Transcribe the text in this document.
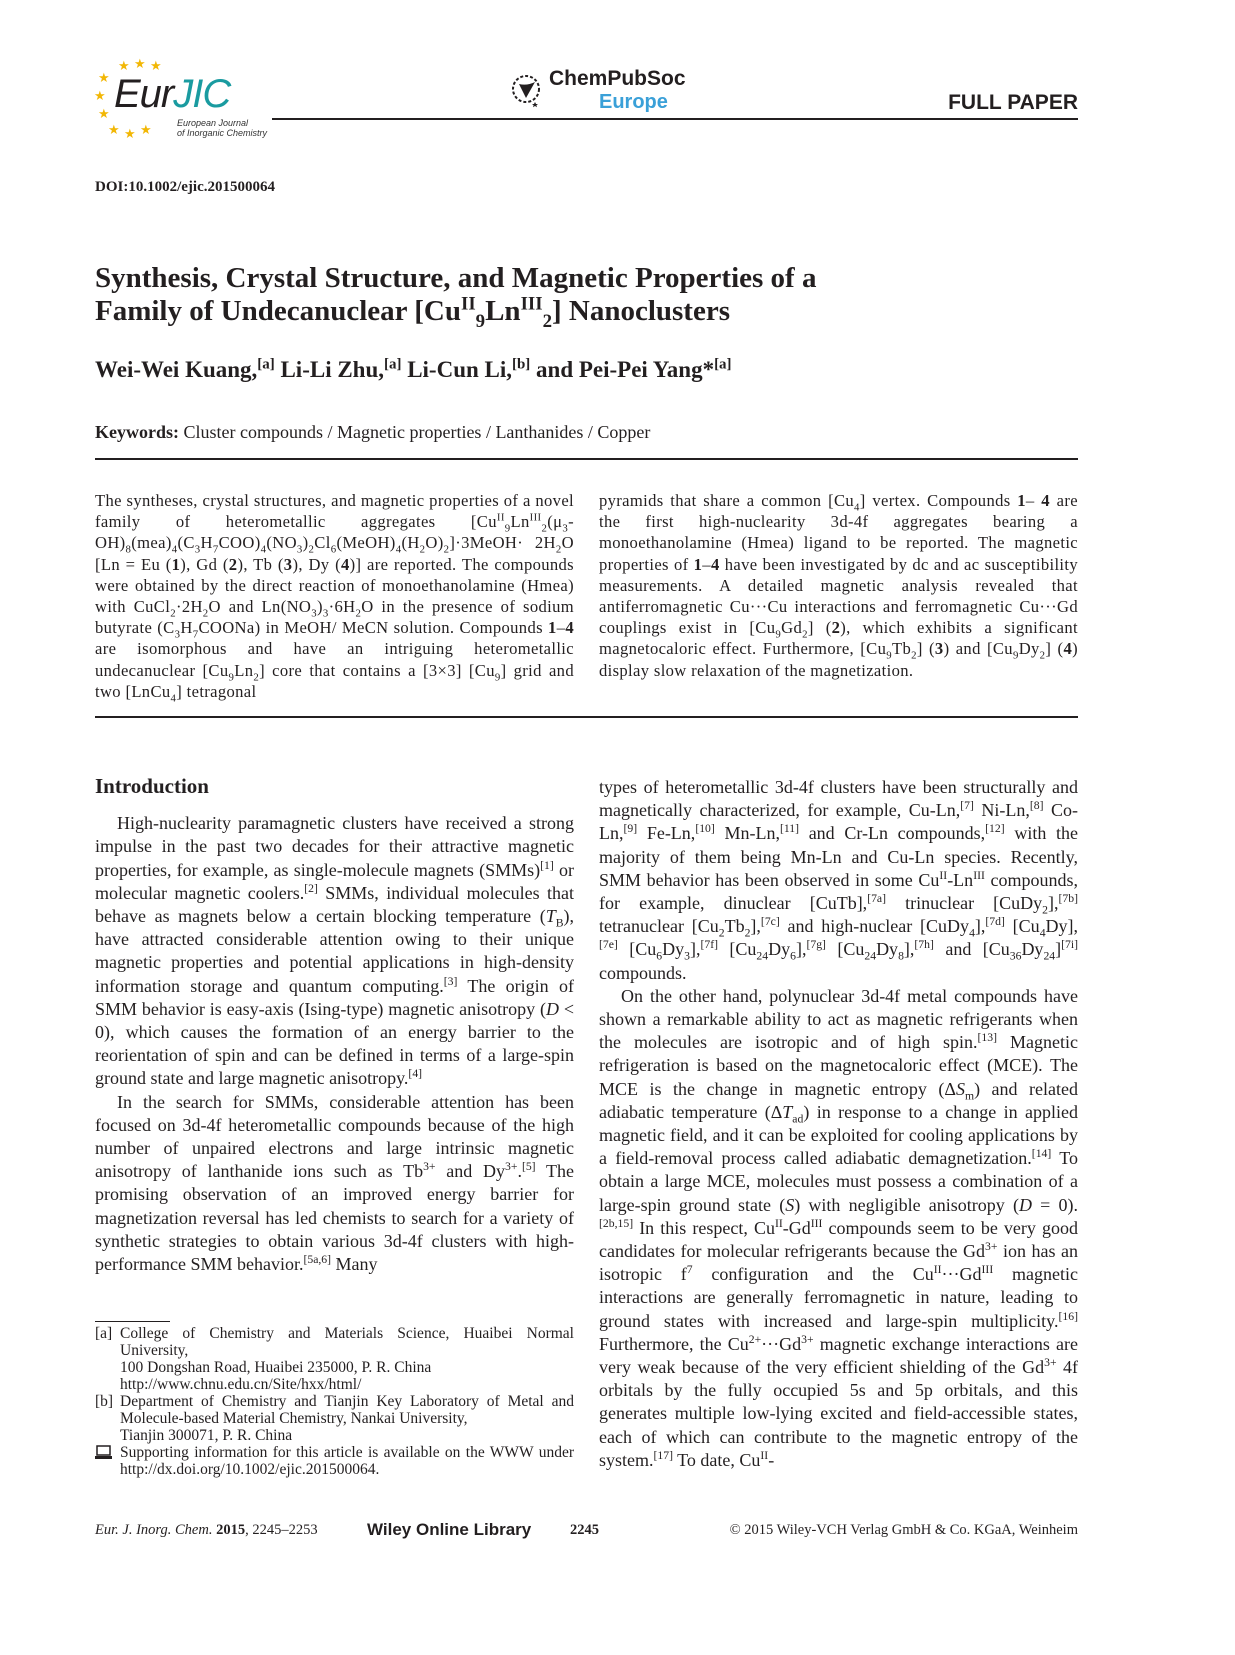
★ ★ ★
★
★
★
★ ★ ★
EurJIC
European Journal
of Inorganic Chemistry
ChemPubSoc
Europe	FULL PAPER
DOI:10.1002/ejic.201500064
Synthesis, Crystal Structure, and Magnetic Properties of a
Family of Undecanuclear $[Cu^{II}_9Ln^{III}_2]$ Nanoclusters
Wei-Wei Kuang,[a] Li-Li Zhu,[a] Li-Cun Li,[b] and Pei-Pei Yang*[a]
Keywords: Cluster compounds / Magnetic properties / Lanthanides / Copper
The syntheses, crystal structures, and magnetic properties of a novel family of heterometallic aggregates $[Cu^{II}_9Ln^{III}_2(\mu_3-OH)_8(mea)_4(C_3H_7COO)_4(NO_3)_2Cl_6(MeOH)_4(H_2O)_2]\cdot 3MeOH\cdot 2H_2O$ [Ln = Eu (1), Gd (2), Tb (3), Dy (4)] are reported. The compounds were obtained by the direct reaction of monoethanolamine (Hmea) with $CuCl_2\cdot 2H_2O$ and $Ln(NO_3)_3\cdot 6H_2O$ in the presence of sodium butyrate $(C_3H_7COONa)$ in MeOH/ MeCN solution. Compounds 1–4 are isomorphous and have an intriguing heterometallic undecanuclear $[Cu_9Ln_2]$ core that contains a [3×3] $[Cu_9]$ grid and two [LnCu$_4$] tetragonal
pyramids that share a common $[Cu_4]$ vertex. Compounds 1– 4 are the first high-nuclearity 3d-4f aggregates bearing a monoethanolamine (Hmea) ligand to be reported. The magnetic properties of 1–4 have been investigated by dc and ac susceptibility measurements. A detailed magnetic analysis revealed that antiferromagnetic Cu···Cu interactions and ferromagnetic Cu···Gd couplings exist in $[Cu_9Gd_2]$ (2), which exhibits a significant magnetocaloric effect. Furthermore, $[Cu_9Tb_2]$ (3) and $[Cu_9Dy_2]$ (4) display slow relaxation of the magnetization.
Introduction

High-nuclearity paramagnetic clusters have received a strong impulse in the past two decades for their attractive magnetic properties, for example, as single-molecule magnets (SMMs)[1] or molecular magnetic coolers.[2] SMMs, individual molecules that behave as magnets below a certain blocking temperature $(T_B)$, have attracted considerable attention owing to their unique magnetic properties and potential applications in high-density information storage and quantum computing.[3] The origin of SMM behavior is easy-axis (Ising-type) magnetic anisotropy (D < 0), which causes the formation of an energy barrier to the reorientation of spin and can be defined in terms of a large-spin ground state and large magnetic anisotropy.[4]

In the search for SMMs, considerable attention has been focused on 3d-4f heterometallic compounds because of the high number of unpaired electrons and large intrinsic magnetic anisotropy of lanthanide ions such as $Tb^{3+}$ and $Dy^{3+}.[5]$ The promising observation of an improved energy barrier for magnetization reversal has led chemists to search for a variety of synthetic strategies to obtain various 3d-4f clusters with high-performance SMM behavior.[5a,6] Many

types of heterometallic 3d-4f clusters have been structurally and magnetically characterized, for example, Cu-Ln,[7] Ni-Ln,[8] Co-Ln,[9] Fe-Ln,[10] Mn-Ln,[11] and Cr-Ln compounds,[12] with the majority of them being Mn-Ln and Cu-Ln species. Recently, SMM behavior has been observed in some $Cu^{II}-Ln^{III}$ compounds, for example, dinuclear [CuTb],[7a] trinuclear [CuDy$_2$],[7b] tetranuclear $[Cu_2Tb_2],[7c]$ and high-nuclear [CuDy$_4$],[7d] $[Cu_4Dy],[7e]$ $[Cu_6Dy_3],[7f]$ $[Cu_{24}Dy_6],[7g]$ $[Cu_{24}Dy_8],[7h]$ and $[Cu_{36}Dy_{24}][7i]$ compounds.

On the other hand, polynuclear 3d-4f metal compounds have shown a remarkable ability to act as magnetic refrigerants when the molecules are isotropic and of high spin.[13] Magnetic refrigeration is based on the magnetocaloric effect (MCE). The MCE is the change in magnetic entropy $(\Delta S_m)$ and related adiabatic temperature $(\Delta T_{ad})$ in response to a change in applied magnetic field, and it can be exploited for cooling applications by a field-removal process called adiabatic demagnetization.[14] To obtain a large MCE, molecules must possess a combination of a large-spin ground state (S) with negligible anisotropy (D = 0).[2b,15] In this respect, $Cu^{II}-Gd^{III}$ compounds seem to be very good candidates for molecular refrigerants because the $Gd^{3+}$ ion has an isotropic $f^7$ configuration and the $Cu^{II}\cdot\cdot\cdot Gd^{III}$ magnetic interactions are generally ferromagnetic in nature, leading to ground states with increased and large-spin multiplicity.[16] Furthermore, the $Cu^{2+}\cdot\cdot\cdot Gd^{3+}$ magnetic exchange interactions are very weak because of the very efficient shielding of the $Gd^{3+}$ 4f orbitals by the fully occupied 5s and 5p orbitals, and this generates multiple low-lying excited and field-accessible states, each of which can contribute to the magnetic entropy of the system.[17] To date, $Cu^{II}-$

[a] College of Chemistry and Materials Science, Huaibei Normal University,
100 Dongshan Road, Huaibei 235000, P. R. China
http://www.chnu.edu.cn/Site/hxx/html/
[b] Department of Chemistry and Tianjin Key Laboratory of Metal and Molecule-based Material Chemistry, Nankai University,
Tianjin 300071, P. R. China
Supporting information for this article is available on the WWW under http://dx.doi.org/10.1002/ejic.201500064.
Eur. J. Inorg. Chem. 2015, 2245–2253	Wiley Online Library	2245	© 2015 Wiley-VCH Verlag GmbH & Co. KGaA, Weinheim
